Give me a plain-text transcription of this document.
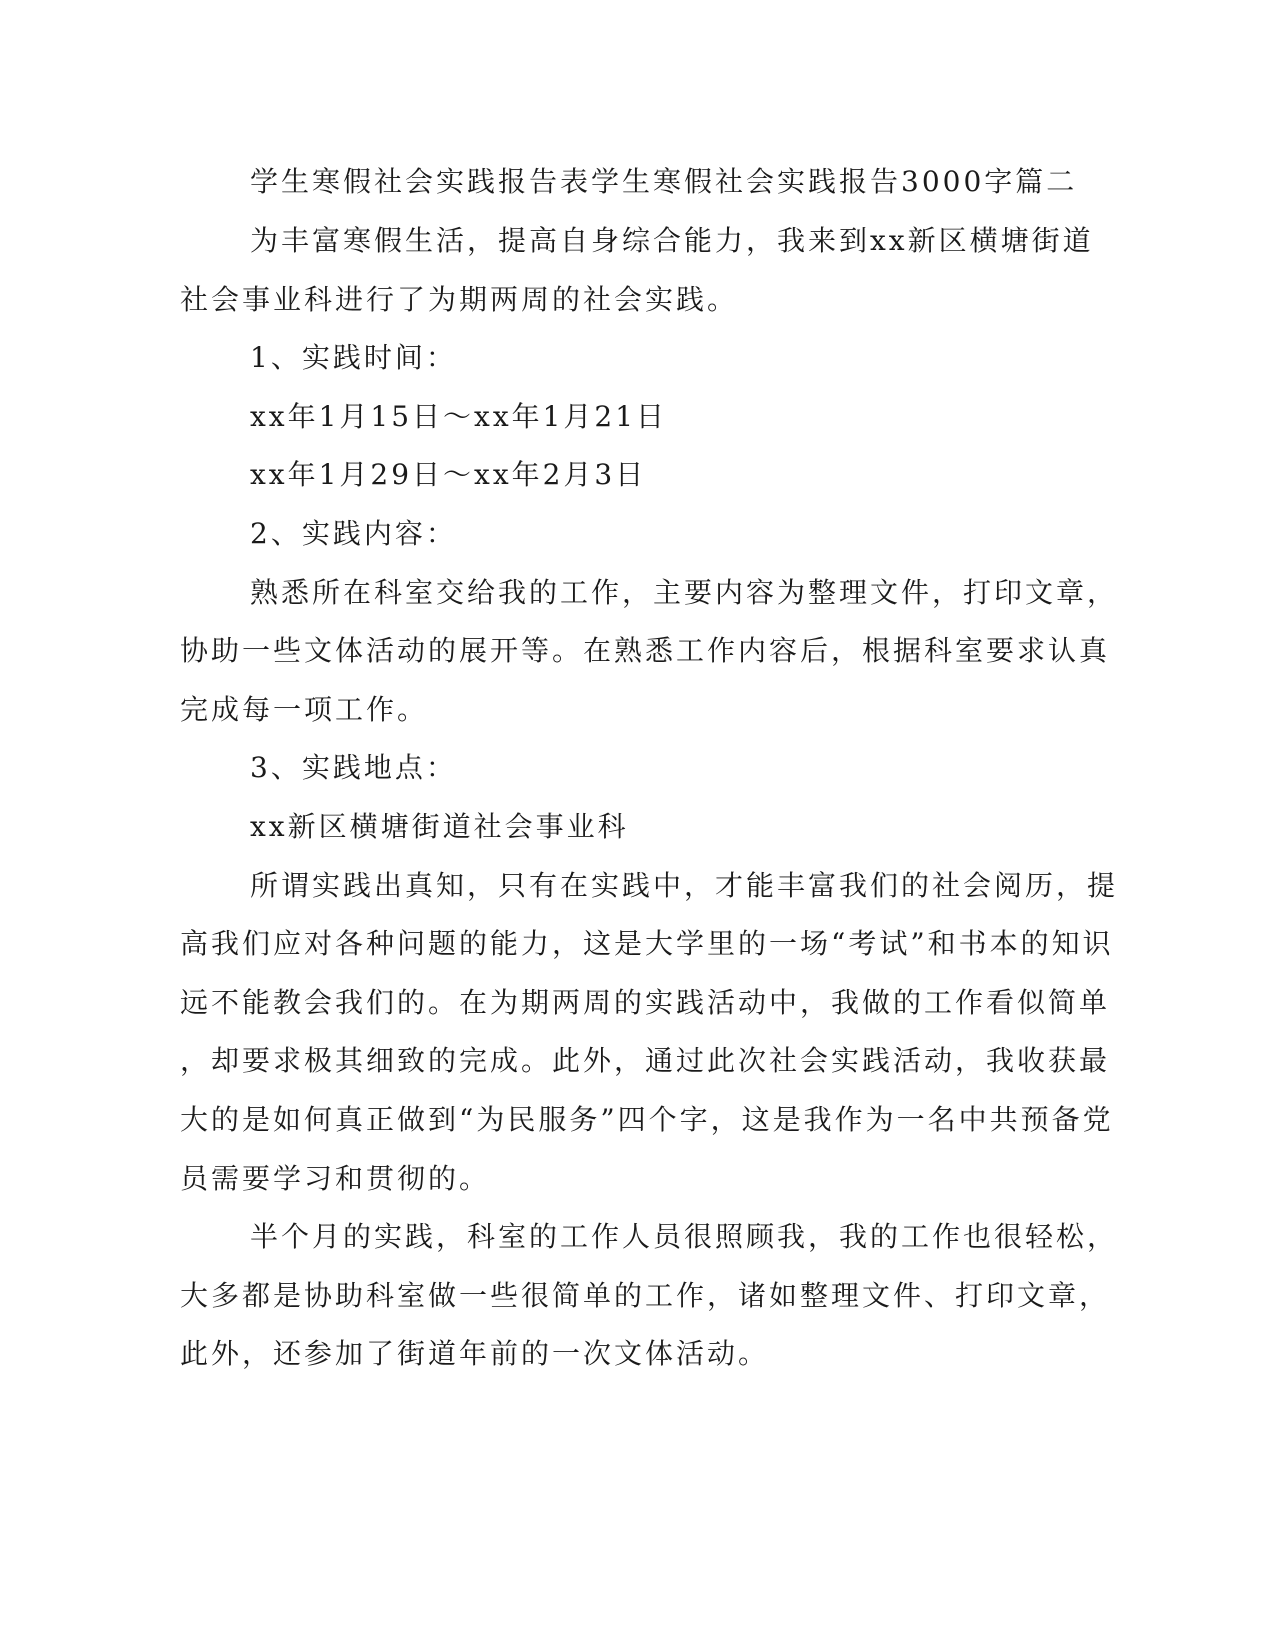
学生寒假社会实践报告表学生寒假社会实践报告3000字篇二
为丰富寒假生活，提高自身综合能力，我来到xx新区横塘街道
社会事业科进行了为期两周的社会实践。
1、实践时间：
xx年1月15日～xx年1月21日
xx年1月29日～xx年2月3日
2、实践内容：
熟悉所在科室交给我的工作，主要内容为整理文件，打印文章，
协助一些文体活动的展开等。在熟悉工作内容后，根据科室要求认真
完成每一项工作。
3、实践地点：
xx新区横塘街道社会事业科
所谓实践出真知，只有在实践中，才能丰富我们的社会阅历，提
高我们应对各种问题的能力，这是大学里的一场“考试”和书本的知识
远不能教会我们的。在为期两周的实践活动中，我做的工作看似简单
，却要求极其细致的完成。此外，通过此次社会实践活动，我收获最
大的是如何真正做到“为民服务”四个字，这是我作为一名中共预备党
员需要学习和贯彻的。
半个月的实践，科室的工作人员很照顾我，我的工作也很轻松，
大多都是协助科室做一些很简单的工作，诸如整理文件、打印文章，
此外，还参加了街道年前的一次文体活动。
